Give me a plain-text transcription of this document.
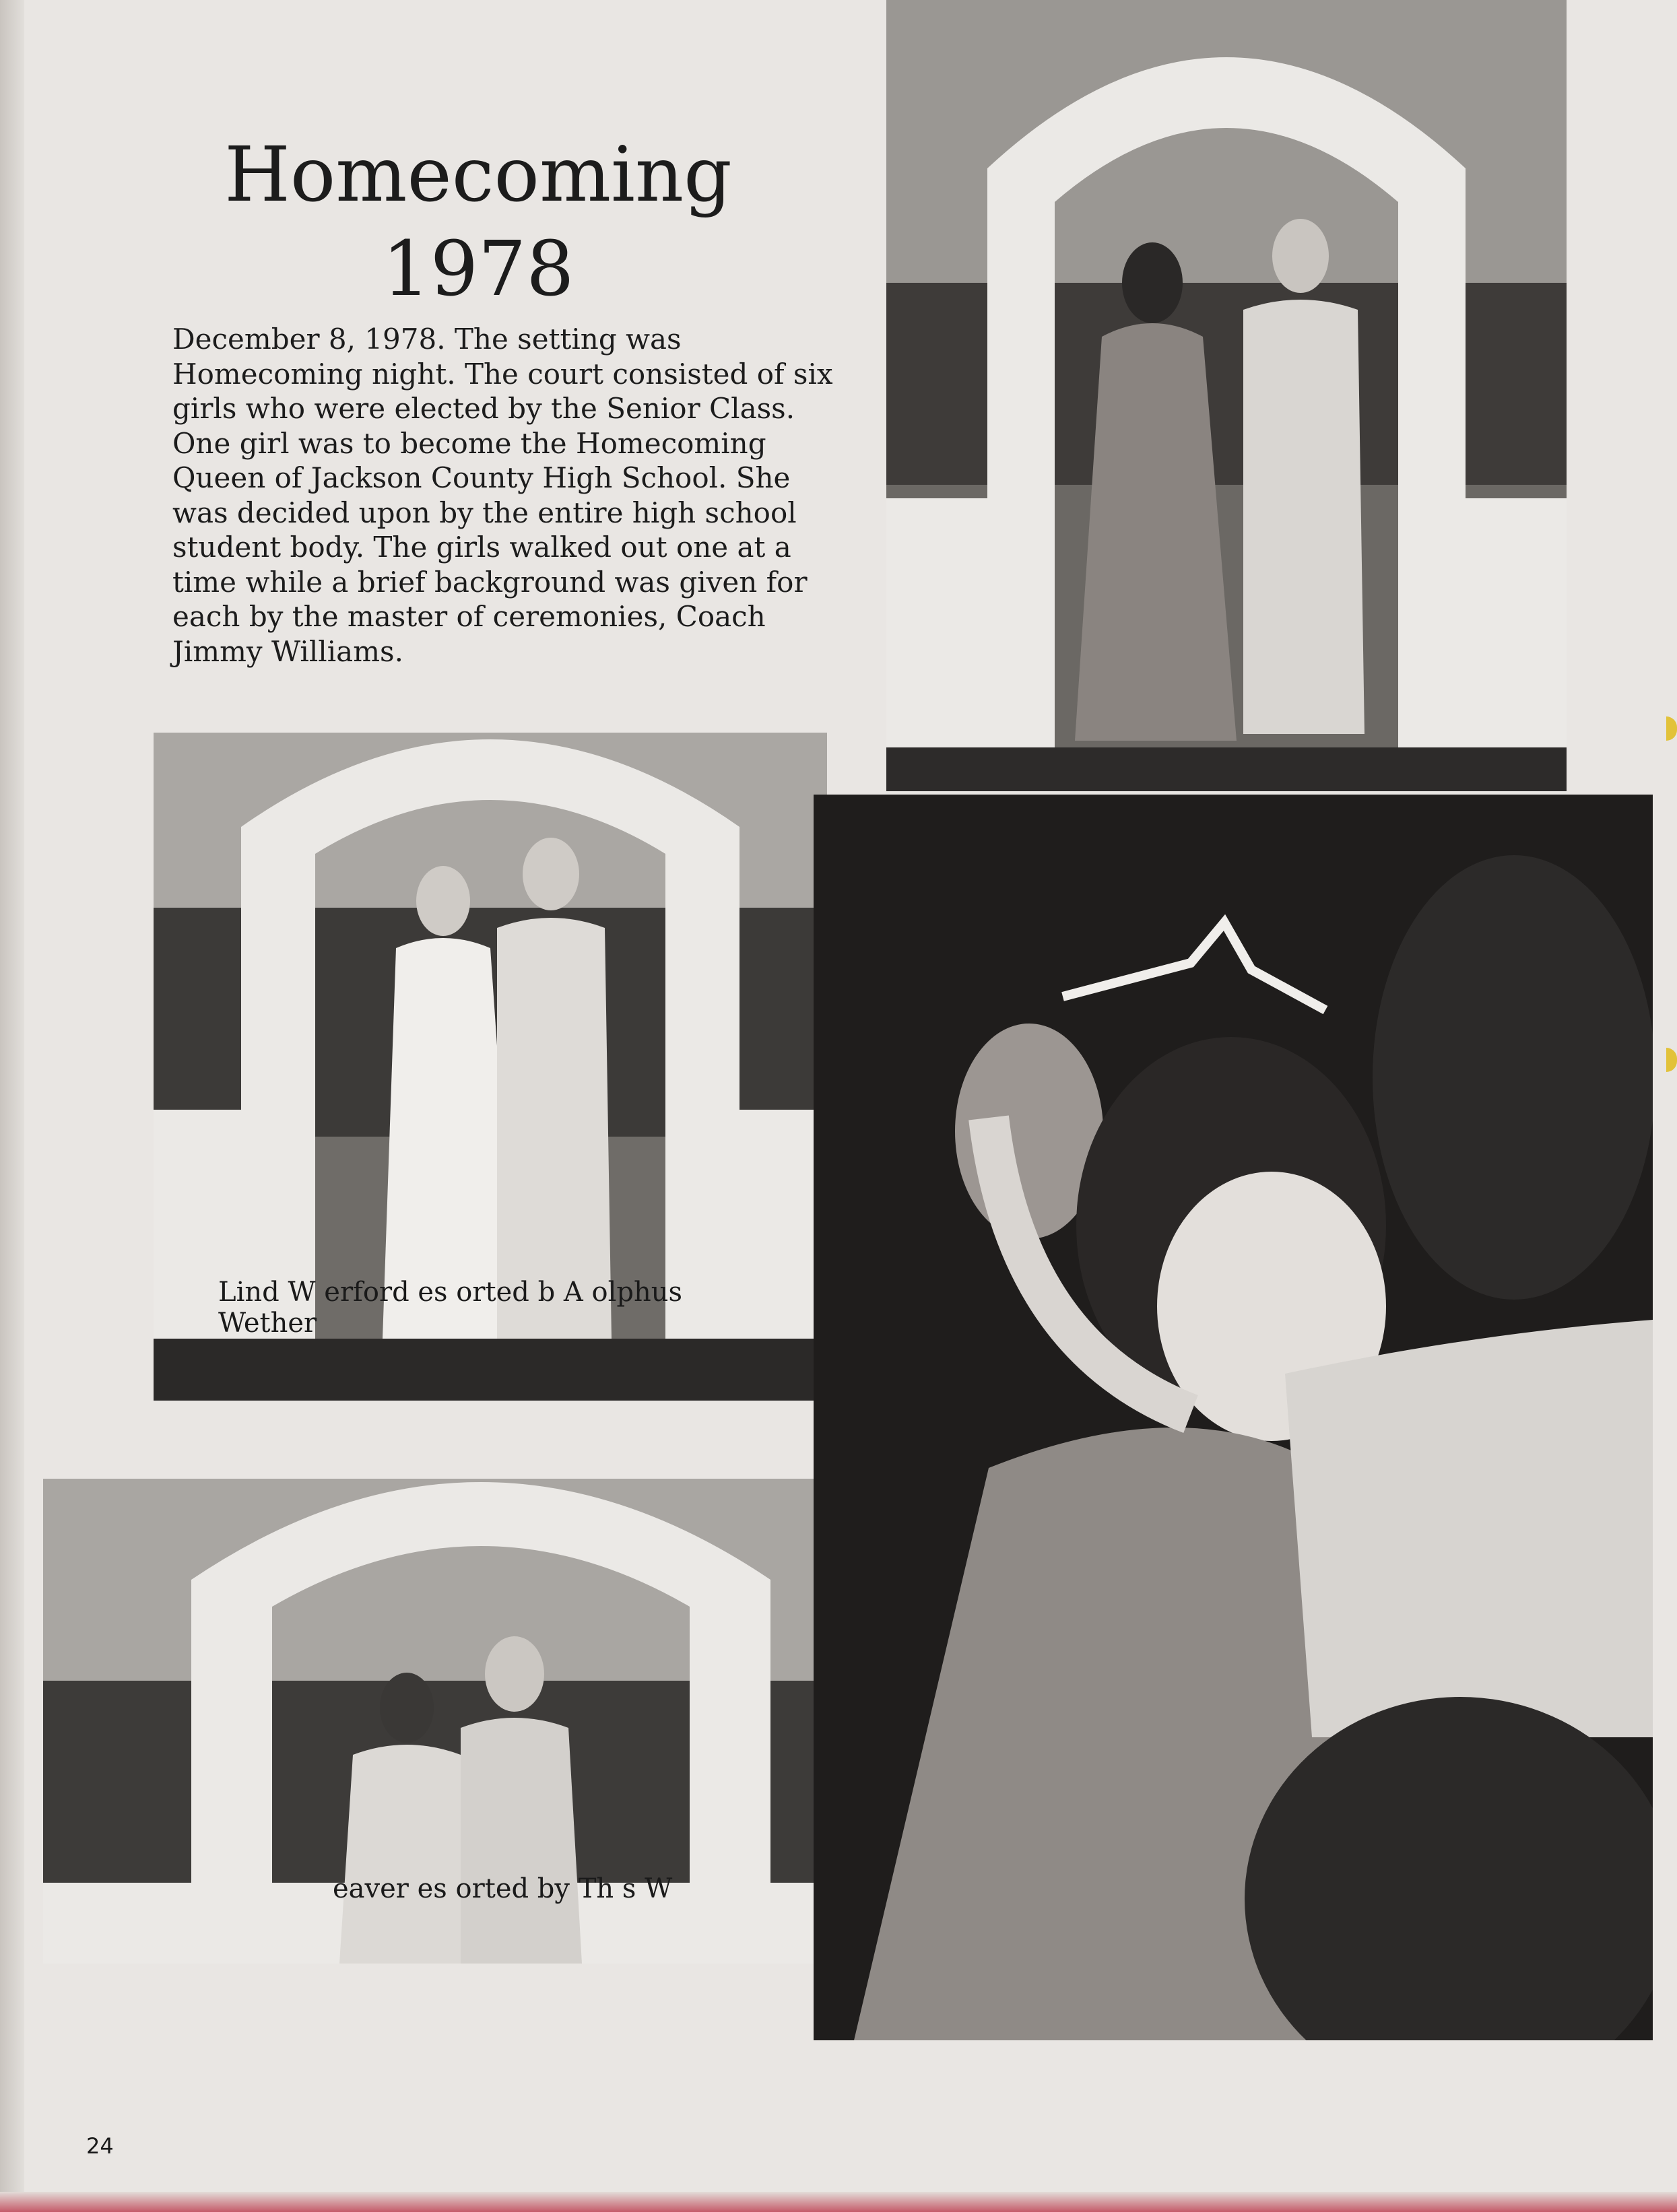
Homecoming
1978

December 8, 1978. The setting was Homecoming night. The court consisted of six girls who were elected by the Senior Class. One girl was to become the Homecoming Queen of Jackson County High School. She was decided upon by the entire high school student body. The girls walked out one at a time while a brief background was given for each by the master of ceremonies, Coach Jimmy Williams.

Lind W erford es orted b A olphus
Wether
eaver es orted by Th s W
24
